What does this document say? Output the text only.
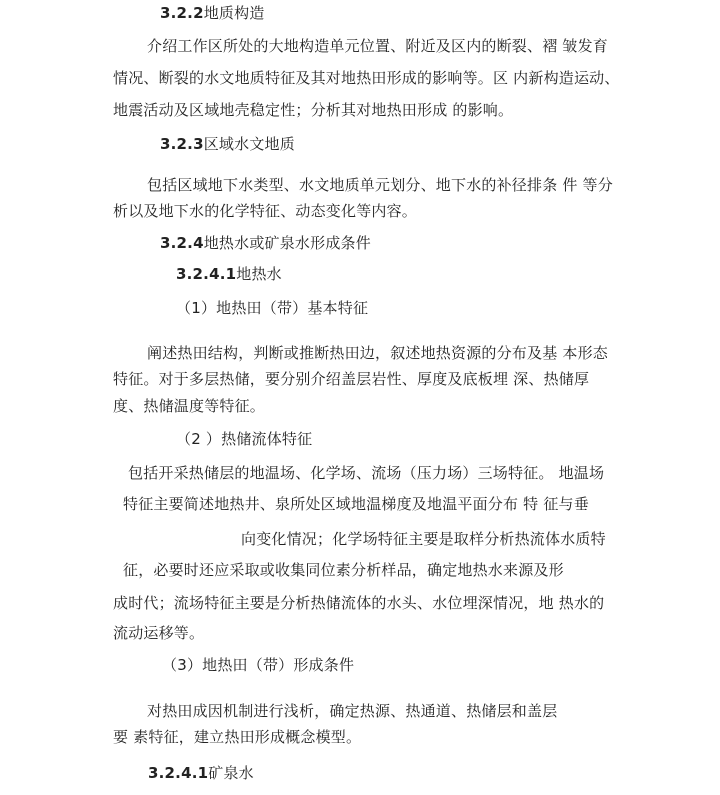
3.2.2地质构造
介绍工作区所处的大地构造单元位置、附近及区内的断裂、褶 皱发育
情况、断裂的水文地质特征及其对地热田形成的影响等。区 内新构造运动、
地震活动及区域地壳稳定性；分析其对地热田形成 的影响。
3.2.3区域水文地质
包括区域地下水类型、水文地质单元划分、地下水的补径排条 件 等分
析以及地下水的化学特征、动态变化等内容。
3.2.4地热水或矿泉水形成条件
3.2.4.1地热水
（1）地热田（带）基本特征
阐述热田结构，判断或推断热田边，叙述地热资源的分布及基 本形态
特征。对于多层热储，要分别介绍盖层岩性、厚度及底板埋 深、热储厚
度、热储温度等特征。
（2 ）热储流体特征
包括开采热储层的地温场、化学场、流场（压力场）三场特征。 地温场
特征主要简述地热井、泉所处区域地温梯度及地温平面分布 特 征与垂
向变化情况；化学场特征主要是取样分析热流体水质特
征，必要时还应采取或收集同位素分析样品，确定地热水来源及形
成时代；流场特征主要是分析热储流体的水头、水位埋深情况，地 热水的
流动运移等。
（3）地热田（带）形成条件
对热田成因机制进行浅析，确定热源、热通道、热储层和盖层
要 素特征，建立热田形成概念模型。
3.2.4.1矿泉水
